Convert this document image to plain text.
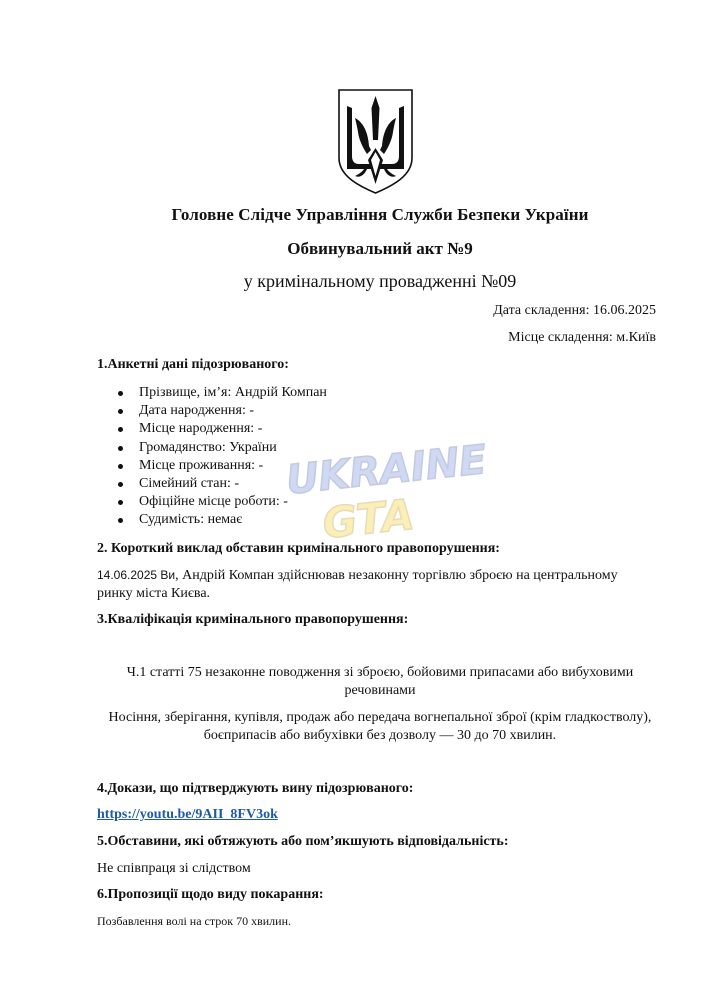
Головне Слідче Управління Служби Безпеки України
Обвинувальний акт №9
у кримінальному провадженні №09
Дата складення: 16.06.2025
Місце складення: м.Київ
1.Анкетні дані підозрюваного:
Прізвище, ім’я: Андрій Компан
Дата народження: -
Місце народження: -
Громадянство: України
Місце проживання: -
Сімейний стан: -
Офіційне місце роботи: -
Судимість: немає
2. Короткий виклад обставин кримінального правопорушення:
14.06.2025 Ви, Андрій Компан здійснював незаконну торгівлю зброєю на центральному
ринку міста Києва.
3.Кваліфікація кримінального правопорушення:
Ч.1 статті 75 незаконне поводження зі зброєю, бойовими припасами або вибуховими
речовинами
Носіння, зберігання, купівля, продаж або передача вогнепальної зброї (крім гладкостволу),
боєприпасів або вибухівки без дозволу — 30 до 70 хвилин.
4.Докази, що підтверджують вину підозрюваного:
https://youtu.be/9AII_8FV3ok
5.Обставини, які обтяжують або пом’якшують відповідальність:
Не співпраця зі слідством
6.Пропозиції щодо виду покарання:
Позбавлення волі на строк 70 хвилин.
UKRAINE
GTA
